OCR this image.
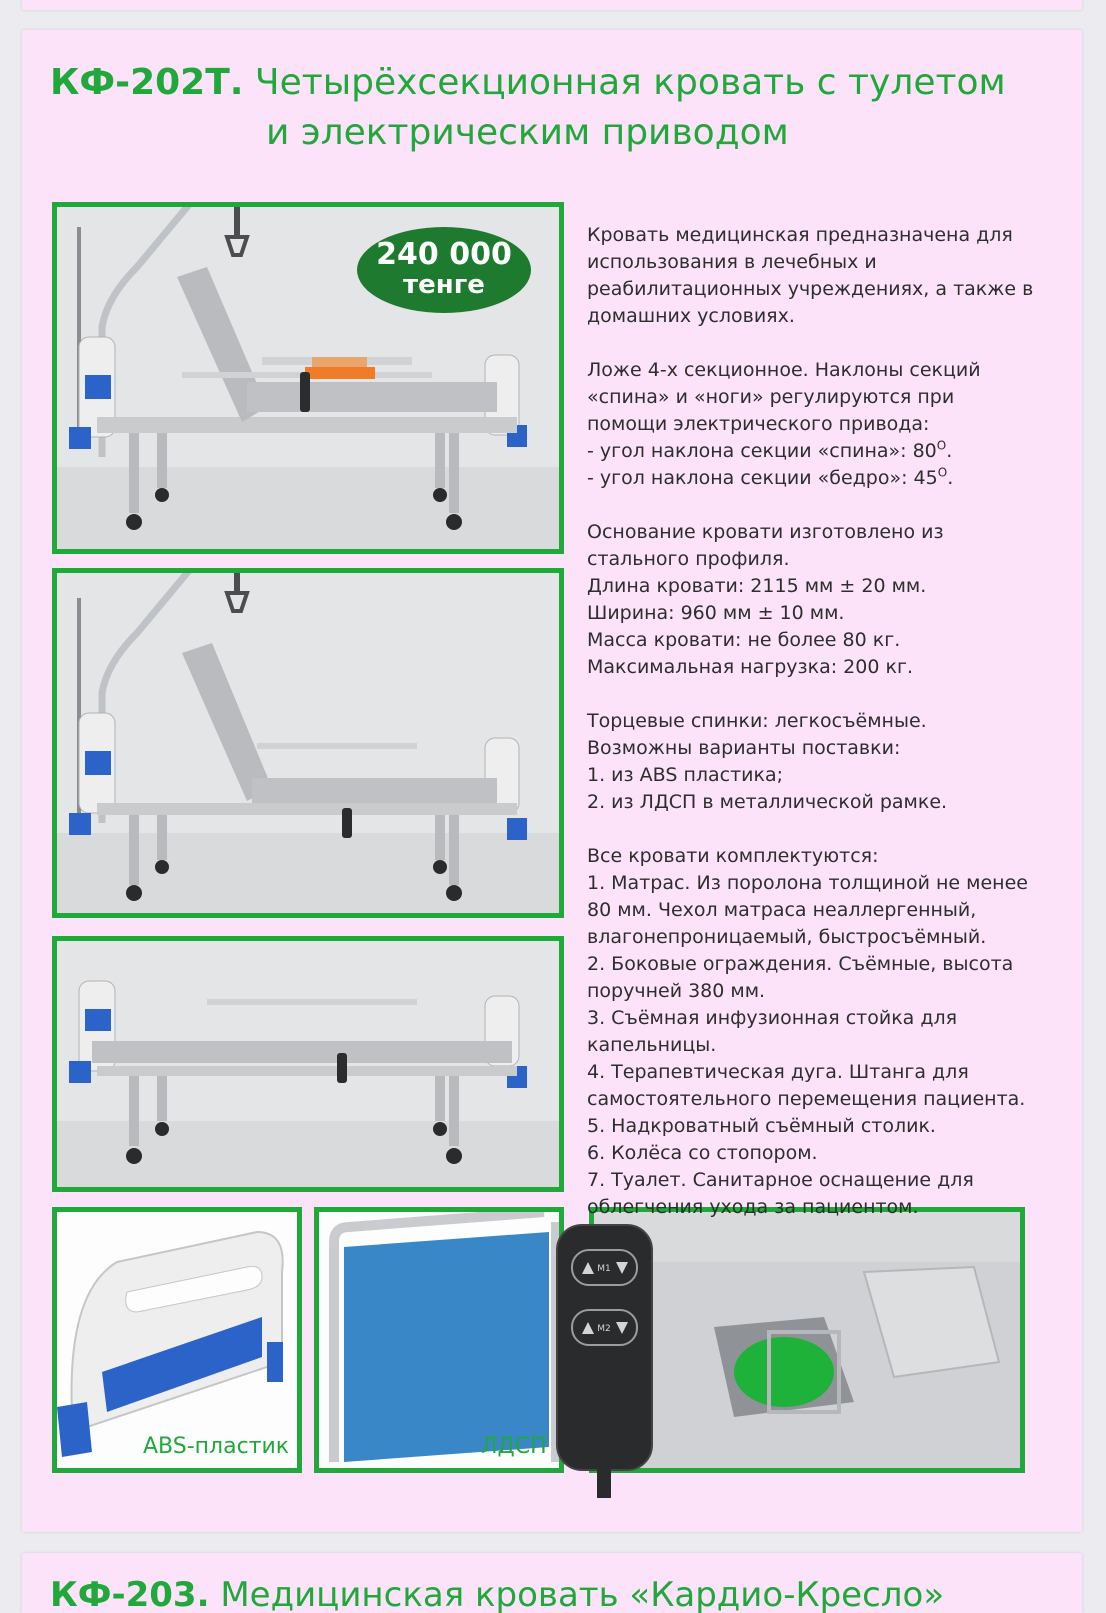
КФ-202Т. Четырёхсекционная кровать с тулетом
и электрическим приводом
240 000
тенге
ABS-пластик	ЛДСП
M1
M2

Кровать медицинская предназначена для
использования в лечебных и
реабилитационных учреждениях, а также в
домашних условиях.

Ложе 4-х секционное. Наклоны секций
«спина» и «ноги» регулируются при
помощи электрического привода:
- угол наклона секции «спина»: $80^О$.
- угол наклона секции «бедро»: $45^О$.

Основание кровати изготовлено из
стального профиля.
Длина кровати: 2115 мм ± 20 мм.
Ширина: 960 мм ± 10 мм.
Масса кровати: не более 80 кг.
Максимальная нагрузка: 200 кг.

Торцевые спинки: легкосъёмные.
Возможны варианты поставки:
1. из ABS пластика;
2. из ЛДСП в металлической рамке.

Все кровати комплектуются:
1. Матрас. Из поролона толщиной не менее
80 мм. Чехол матраса неаллергенный,
влагонепроницаемый, быстросъёмный.
2. Боковые ограждения. Съёмные, высота
поручней 380 мм.
3. Съёмная инфузионная стойка для
капельницы.
4. Терапевтическая дуга. Штанга для
самостоятельного перемещения пациента.
5. Надкроватный съёмный столик.
6. Колёса со стопором.
7. Туалет. Санитарное оснащение для
облегчения ухода за пациентом.

КФ-203. Медицинская кровать «Кардио-Кресло»
